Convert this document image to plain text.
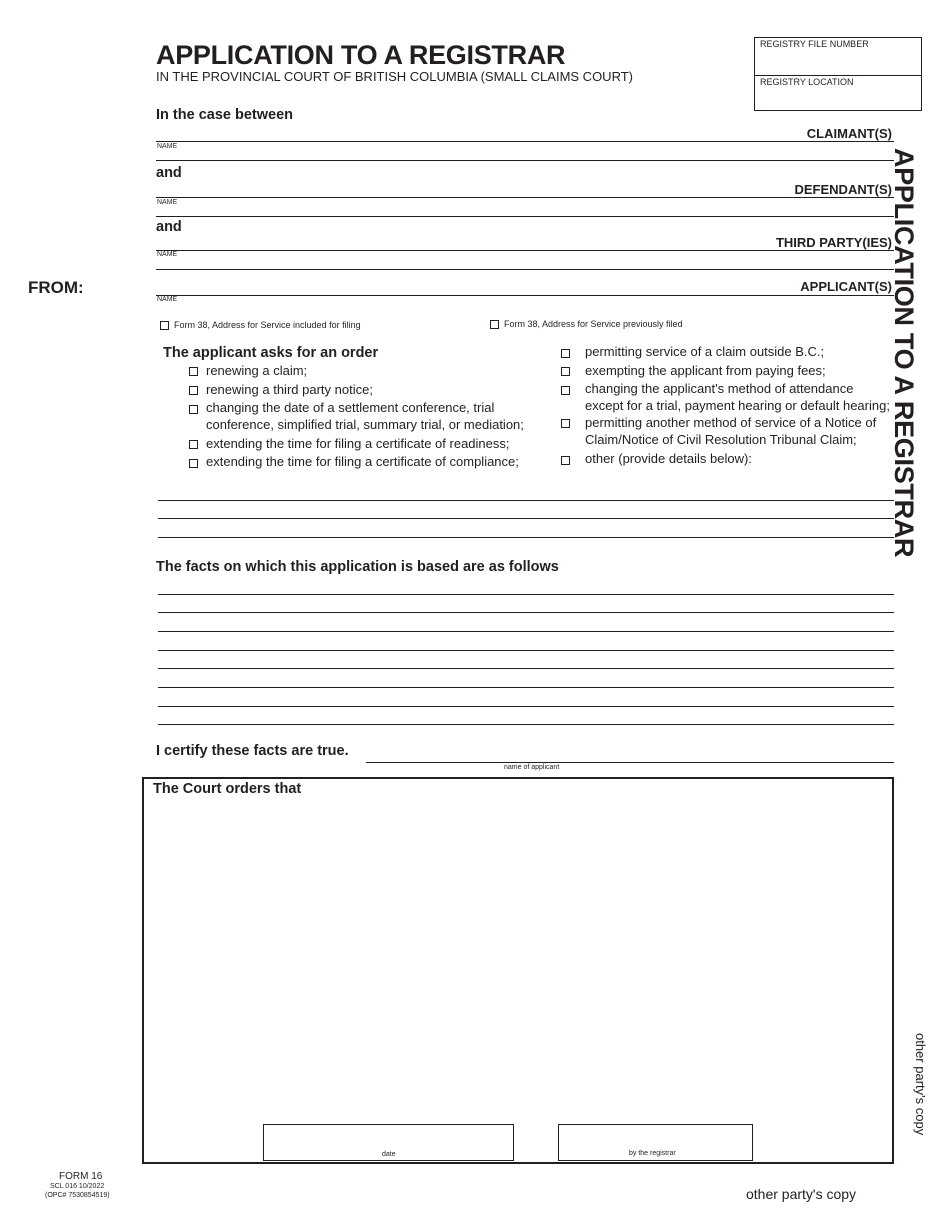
APPLICATION TO A REGISTRAR
IN THE PROVINCIAL COURT OF BRITISH COLUMBIA (SMALL CLAIMS COURT)
REGISTRY FILE NUMBER
REGISTRY LOCATION
APPLICATION TO A REGISTRAR
In the case between
CLAIMANT(S)
NAME
and
DEFENDANT(S)
NAME
and
THIRD PARTY(IES)
NAME
FROM:	APPLICANT(S)
NAME
Form 38, Address for Service included for filing	Form 38, Address for Service previously filed
The applicant asks for an order
renewing a claim;
renewing a third party notice;
changing the date of a settlement conference, trial
conference, simplified trial, summary trial, or mediation;
extending the time for filing a certificate of readiness;
extending the time for filing a certificate of compliance;
permitting service of a claim outside B.C.;
exempting the applicant from paying fees;
changing the applicant's method of attendance
except for a trial, payment hearing or default hearing;
permitting another method of service of a Notice of
Claim/Notice of Civil Resolution Tribunal Claim;
other (provide details below):
The facts on which this application is based are as follows
I certify these facts are true.
name of applicant
The Court orders that
date	by the registrar
other party's copy
FORM 16
SCL 016 10/2022
(OPC# 7530854519)	other party's copy
